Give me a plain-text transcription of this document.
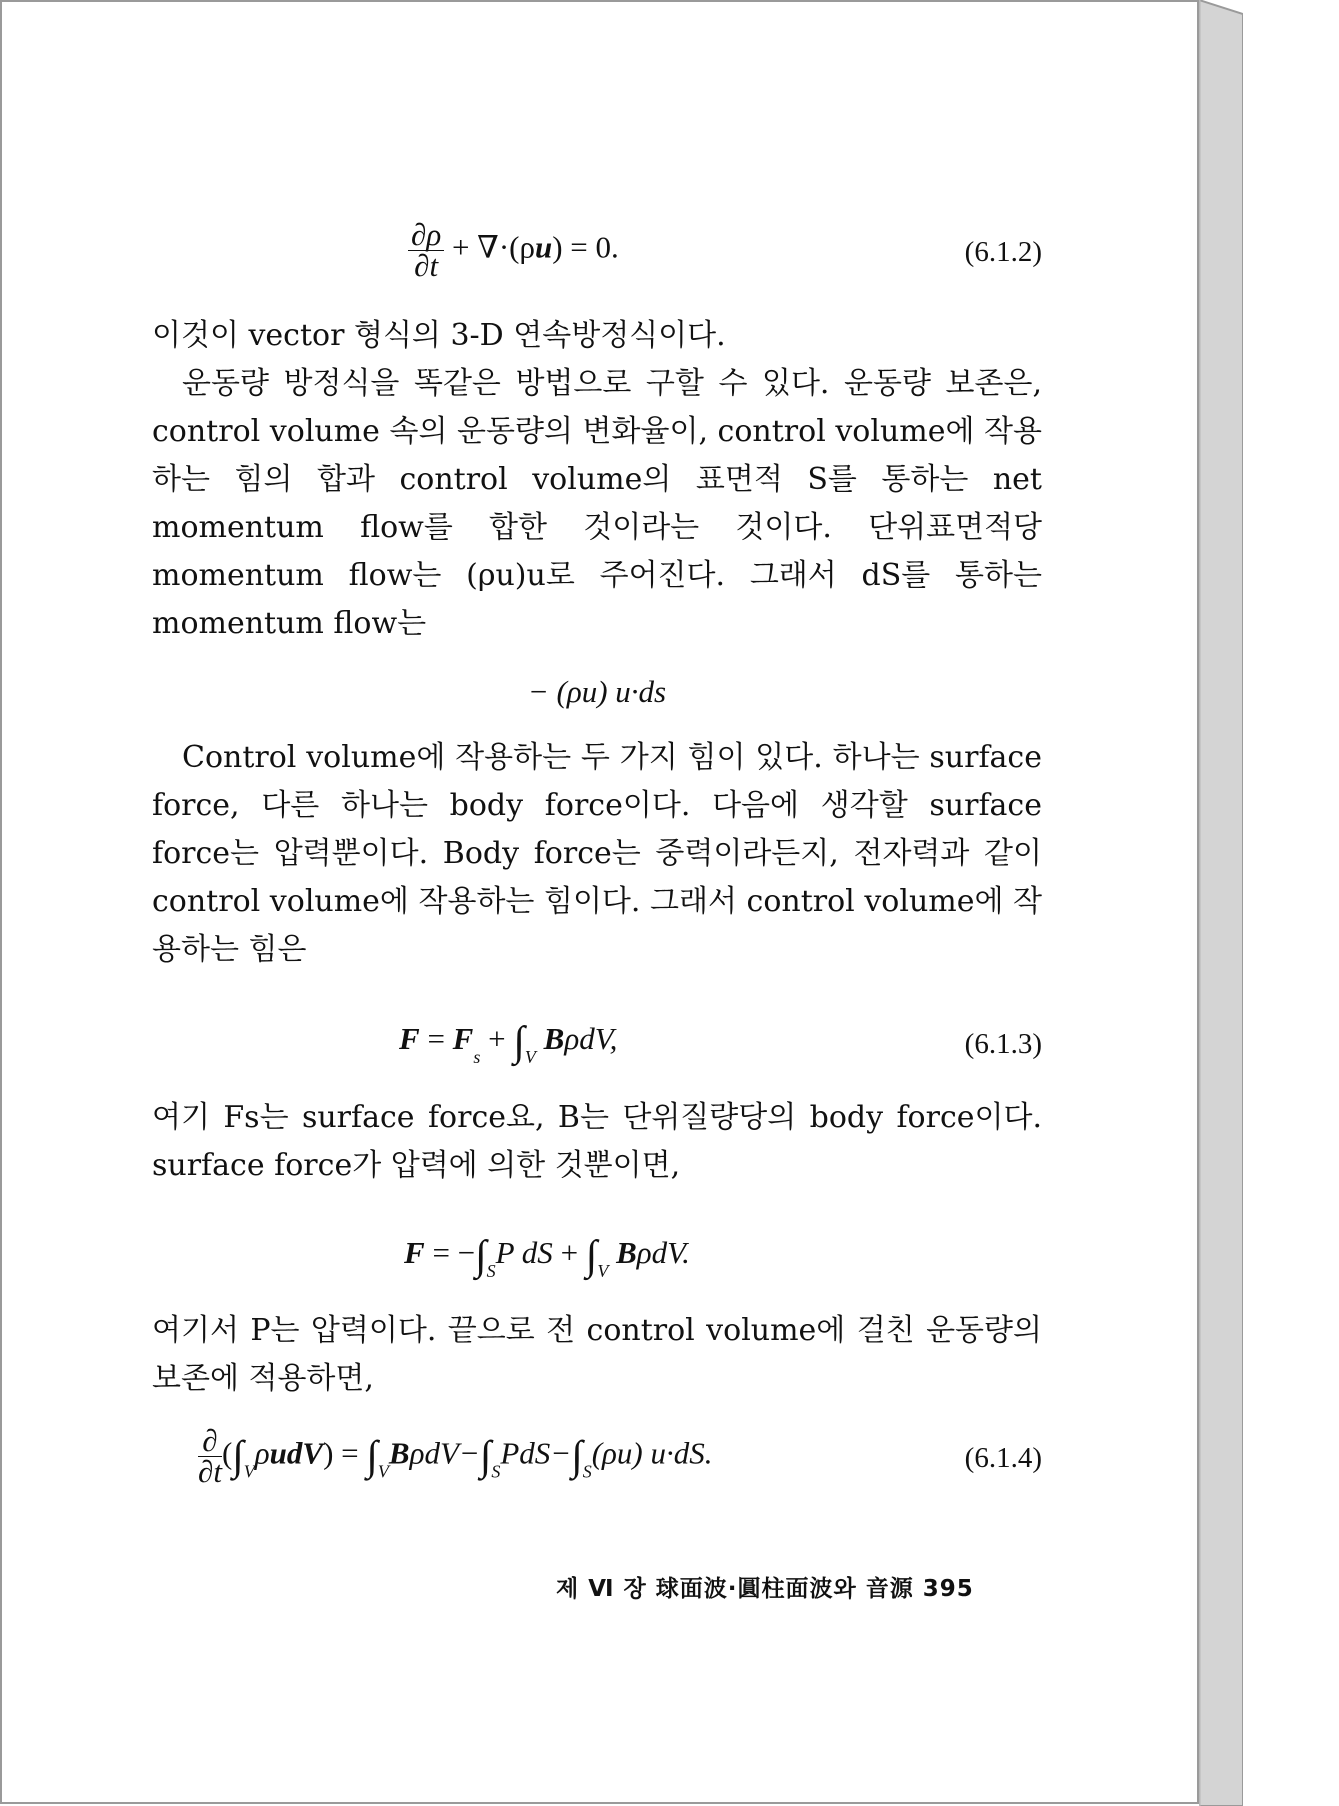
$\frac{\partial\rho}{\partial t} + \nabla\cdot(\rho u) = 0$.	(6.1.2)
이것이 vector 형식의 3-D 연속방정식이다.
운동량 방정식을 똑같은 방법으로 구할 수 있다. 운동량 보존은, control volume 속의 운동량의 변화율이, control volume에 작용하는 힘의 합과 control volume의 표면적 S를 통하는 net momentum flow를 합한 것이라는 것이다. 단위표면적당 momentum flow는 (ρu)u로 주어진다. 그래서 dS를 통하는 momentum flow는
− (ρu) u·ds
Control volume에 작용하는 두 가지 힘이 있다. 하나는 surface force, 다른 하나는 body force이다. 다음에 생각할 surface force는 압력뿐이다. Body force는 중력이라든지, 전자력과 같이 control volume에 작용하는 힘이다. 그래서 control volume에 작용하는 힘은
$F = F_s + \int_V$ BρdV,	(6.1.3)
여기 Fs는 surface force요, B는 단위질량당의 body force이다. surface force가 압력에 의한 것뿐이면,
$F = -\int_SP$ dS + $\int_V$ BρdV.
여기서 P는 압력이다. 끝으로 전 control volume에 걸친 운동량의 보존에 적용하면,
$\frac{\partial}{\partial t} (\int_V\rho udV) = \int_VB\rho dV-\int_SPdS-\int_S(\rho u)$ u·dS.	(6.1.4)
제 Ⅵ 장 球面波·圓柱面波와 音源 395
